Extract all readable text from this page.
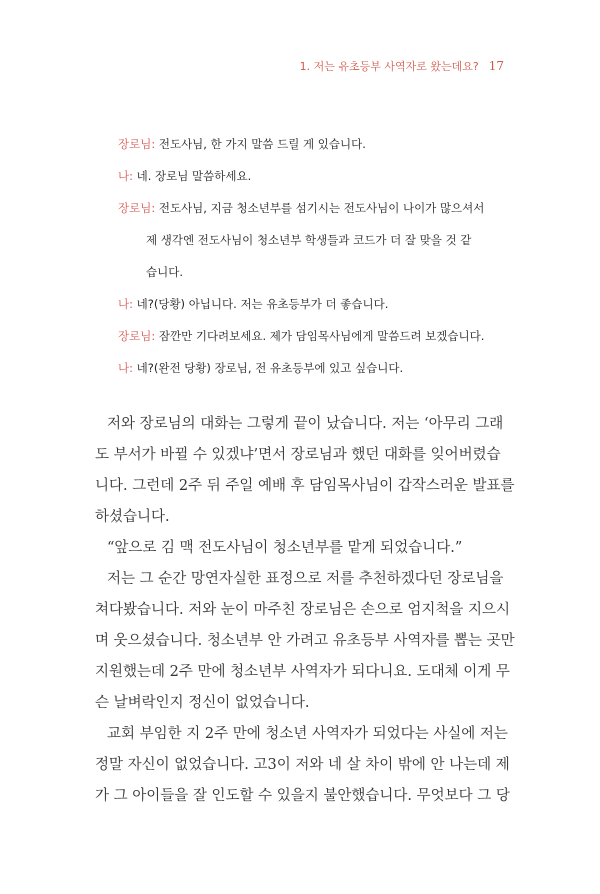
1. 저는 유초등부 사역자로 왔는데요? 17
장로님: 전도사님, 한 가지 말씀 드릴 게 있습니다.
나: 네. 장로님 말씀하세요.
장로님: 전도사님, 지금 청소년부를 섬기시는 전도사님이 나이가 많으셔서
제 생각엔 전도사님이 청소년부 학생들과 코드가 더 잘 맞을 것 같
습니다.
나: 네?(당황) 아닙니다. 저는 유초등부가 더 좋습니다.
장로님: 잠깐만 기다려보세요. 제가 담임목사님에게 말씀드려 보겠습니다.
나: 네?(완전 당황) 장로님, 전 유초등부에 있고 싶습니다.
저와 장로님의 대화는 그렇게 끝이 났습니다. 저는 ‘아무리 그래
도 부서가 바뀔 수 있겠냐’면서 장로님과 했던 대화를 잊어버렸습
니다. 그런데 2주 뒤 주일 예배 후 담임목사님이 갑작스러운 발표를
하셨습니다.
“앞으로 김 맥 전도사님이 청소년부를 맡게 되었습니다.”
저는 그 순간 망연자실한 표정으로 저를 추천하겠다던 장로님을
쳐다봤습니다. 저와 눈이 마주친 장로님은 손으로 엄지척을 지으시
며 웃으셨습니다. 청소년부 안 가려고 유초등부 사역자를 뽑는 곳만
지원했는데 2주 만에 청소년부 사역자가 되다니요. 도대체 이게 무
슨 날벼락인지 정신이 없었습니다.
교회 부임한 지 2주 만에 청소년 사역자가 되었다는 사실에 저는
정말 자신이 없었습니다. 고3이 저와 네 살 차이 밖에 안 나는데 제
가 그 아이들을 잘 인도할 수 있을지 불안했습니다. 무엇보다 그 당
